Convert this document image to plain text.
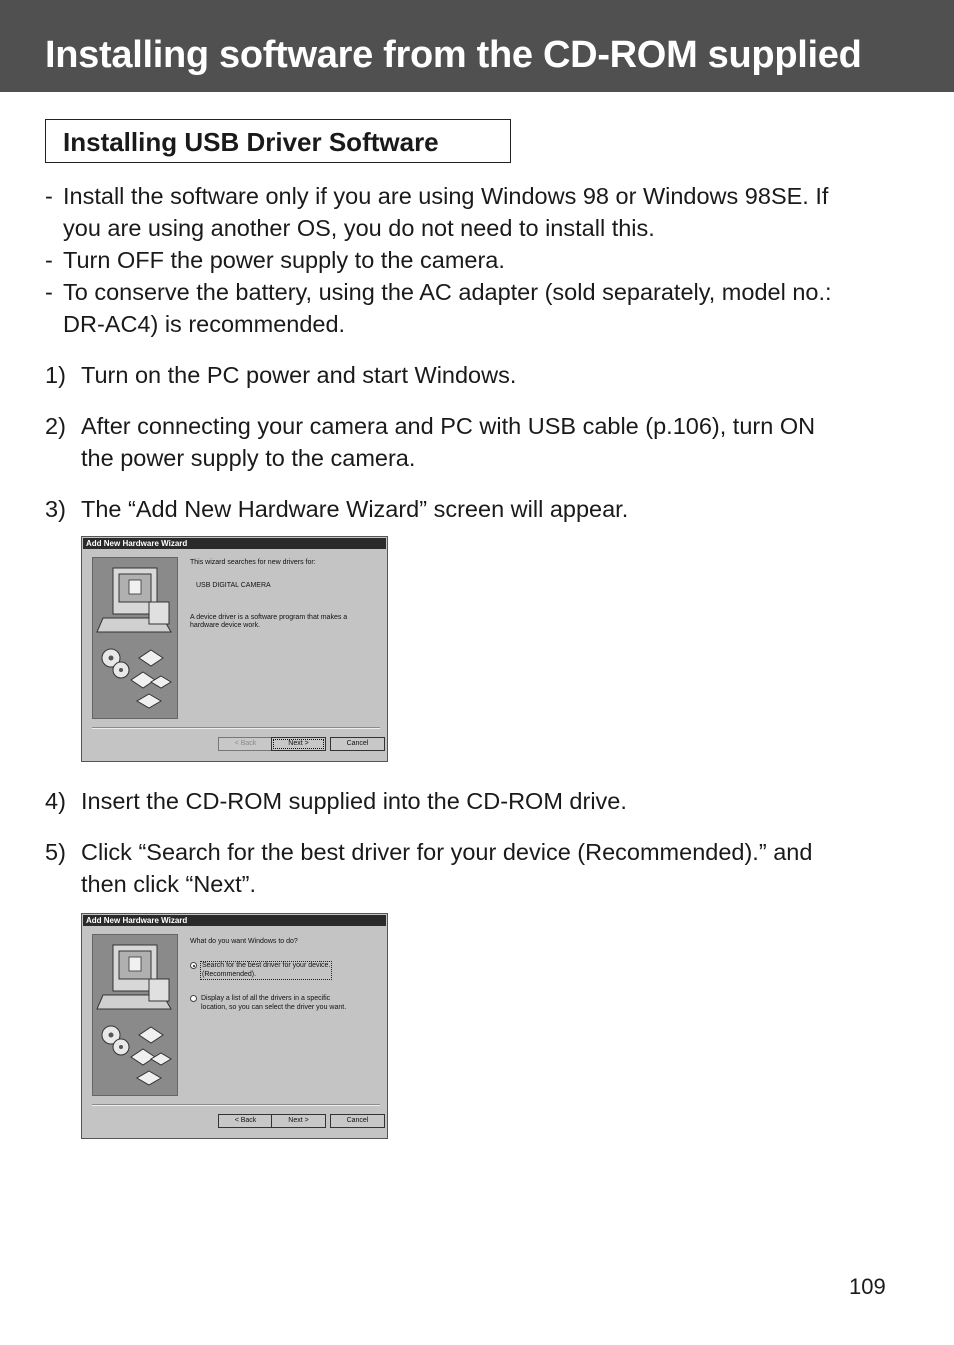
Installing software from the CD-ROM supplied
Installing USB Driver Software
- Install the software only if you are using Windows 98 or Windows 98SE. If
you are using another OS, you do not need to install this.
- Turn OFF the power supply to the camera.
- To conserve the battery, using the AC adapter (sold separately, model no.:
DR-AC4) is recommended.
1) Turn on the PC power and start Windows.
2) After connecting your camera and PC with USB cable (p.106), turn ON
the power supply to the camera.
3) The “Add New Hardware Wizard” screen will appear.
Add New Hardware Wizard
This wizard searches for new drivers for:
USB DIGITAL CAMERA
A device driver is a software program that makes a
hardware device work.
< Back	Next >	Cancel
4) Insert the CD-ROM supplied into the CD-ROM drive.
5) Click “Search for the best driver for your device (Recommended).” and
then click “Next”.
Add New Hardware Wizard
What do you want Windows to do?
Search for the best driver for your device.
(Recommended).
Display a list of all the drivers in a specific
location, so you can select the driver you want.
< Back	Next >	Cancel
109
